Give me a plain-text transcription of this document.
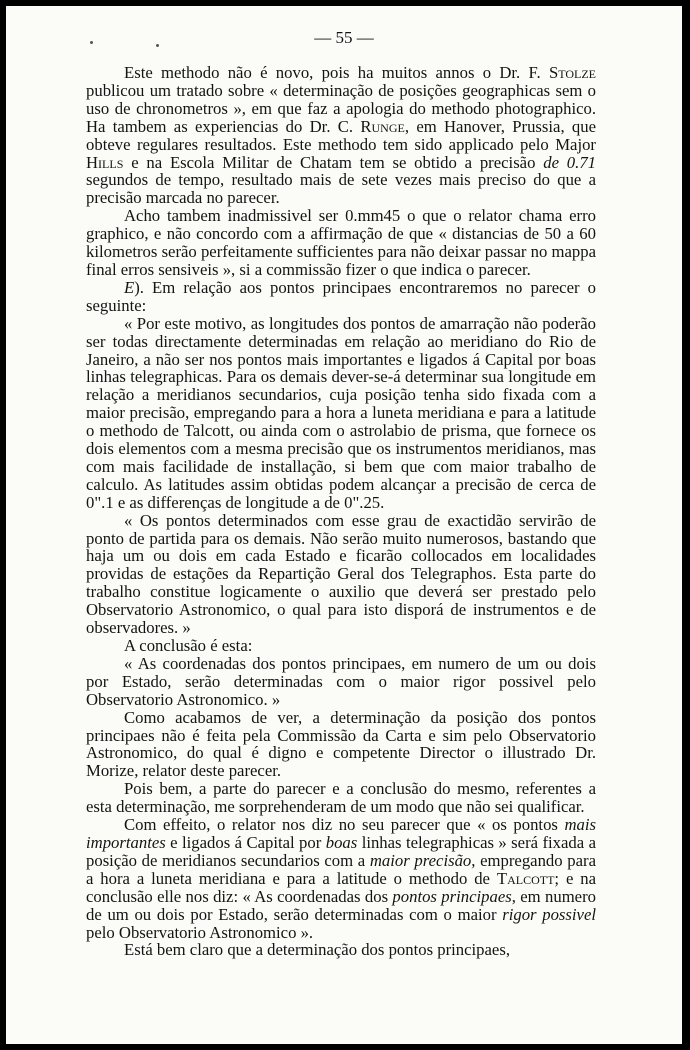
— 55 —

Este methodo não é novo, pois ha muitos annos o Dr. F. Stolze publicou um tratado sobre « determinação de posições geographicas sem o uso de chronometros », em que faz a apologia do methodo photographico. Ha tambem as experiencias do Dr. C. Runge, em Hanover, Prussia, que obteve regulares resultados. Este methodo tem sido applicado pelo Major Hills e na Escola Militar de Chatam tem se obtido a precisão de 0.71 segundos de tempo, resultado mais de sete vezes mais preciso do que a precisão marcada no parecer.

Acho tambem inadmissivel ser 0.mm45 o que o relator chama erro graphico, e não concordo com a affirmação de que « distancias de 50 a 60 kilometros serão perfeitamente sufficientes para não deixar passar no mappa final erros sensiveis », si a commissão fizer o que indica o parecer.

E). Em relação aos pontos principaes encontraremos no parecer o seguinte:

« Por este motivo, as longitudes dos pontos de amarração não poderão ser todas directamente determinadas em relação ao meridiano do Rio de Janeiro, a não ser nos pontos mais importantes e ligados á Capital por boas linhas telegraphicas. Para os demais dever-se-á determinar sua longitude em relação a meridianos secundarios, cuja posição tenha sido fixada com a maior precisão, empregando para a hora a luneta meridiana e para a latitude o methodo de Talcott, ou ainda com o astrolabio de prisma, que fornece os dois elementos com a mesma precisão que os instrumentos meridianos, mas com mais facilidade de installação, si bem que com maior trabalho de calculo. As latitudes assim obtidas podem alcançar a precisão de cerca de 0".1 e as differenças de longitude a de 0".25.

« Os pontos determinados com esse grau de exactidão servirão de ponto de partida para os demais. Não serão muito numerosos, bastando que haja um ou dois em cada Estado e ficarão collocados em localidades providas de estações da Repartição Geral dos Telegraphos. Esta parte do trabalho constitue logicamente o auxilio que deverá ser prestado pelo Observatorio Astronomico, o qual para isto disporá de instrumentos e de observadores. »

A conclusão é esta:

« As coordenadas dos pontos principaes, em numero de um ou dois por Estado, serão determinadas com o maior rigor possivel pelo Observatorio Astronomico. »

Como acabamos de ver, a determinação da posição dos pontos principaes não é feita pela Commissão da Carta e sim pelo Observatorio Astronomico, do qual é digno e competente Director o illustrado Dr. Morize, relator deste parecer.

Pois bem, a parte do parecer e a conclusão do mesmo, referentes a esta determinação, me sorprehenderam de um modo que não sei qualificar.

Com effeito, o relator nos diz no seu parecer que « os pontos mais importantes e ligados á Capital por boas linhas telegraphicas » será fixada a posição de meridianos secundarios com a maior precisão, empregando para a hora a luneta meridiana e para a latitude o methodo de Talcott; e na conclusão elle nos diz: « As coordenadas dos pontos principaes, em numero de um ou dois por Estado, serão determinadas com o maior rigor possivel pelo Observatorio Astronomico ».

Está bem claro que a determinação dos pontos principaes,
